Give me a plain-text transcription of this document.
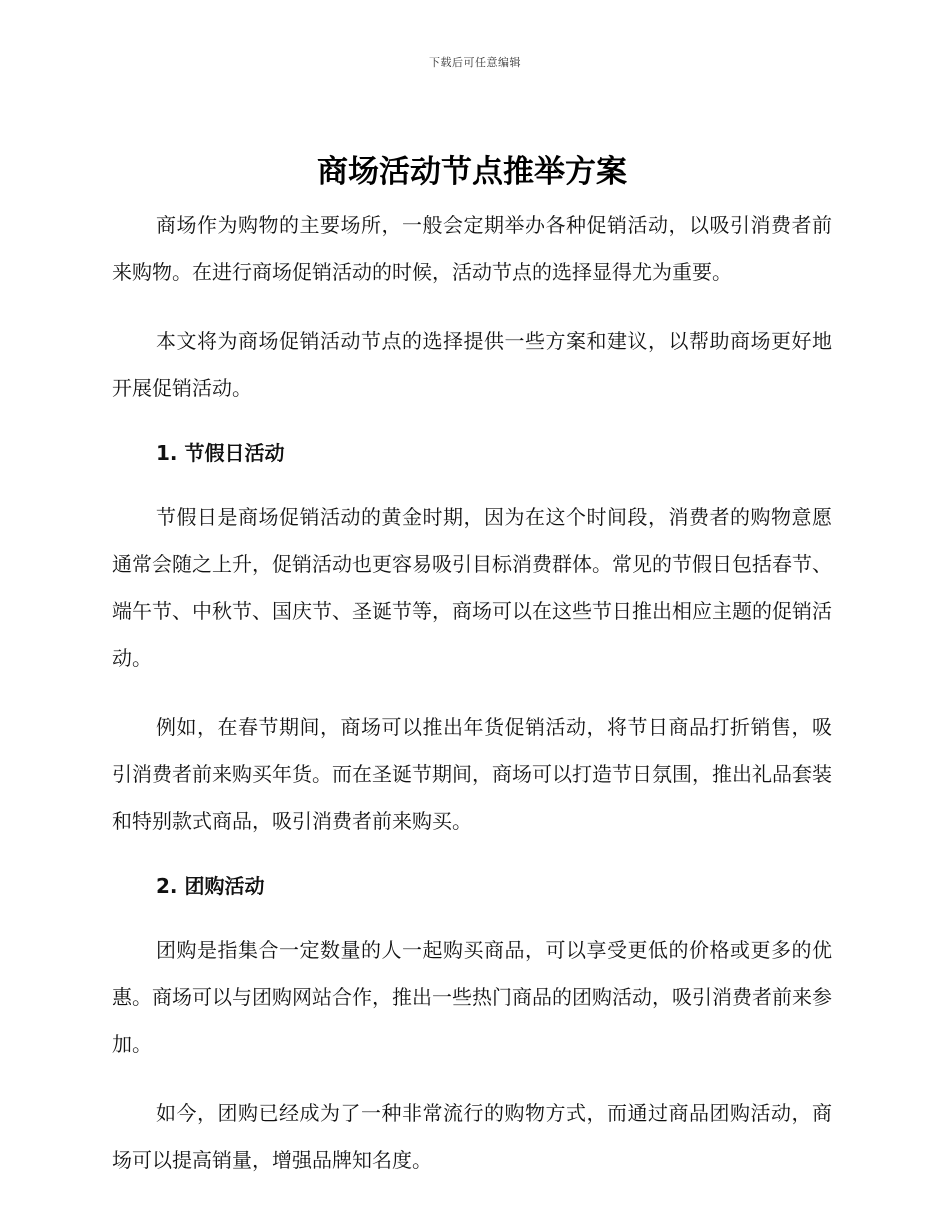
下载后可任意编辑
商场活动节点推举方案

商场作为购物的主要场所，一般会定期举办各种促销活动，以吸引消费者前来购物。在进行商场促销活动的时候，活动节点的选择显得尤为重要。

本文将为商场促销活动节点的选择提供一些方案和建议，以帮助商场更好地开展促销活动。

1. 节假日活动

节假日是商场促销活动的黄金时期，因为在这个时间段，消费者的购物意愿通常会随之上升，促销活动也更容易吸引目标消费群体。常见的节假日包括春节、端午节、中秋节、国庆节、圣诞节等，商场可以在这些节日推出相应主题的促销活动。

例如，在春节期间，商场可以推出年货促销活动，将节日商品打折销售，吸引消费者前来购买年货。而在圣诞节期间，商场可以打造节日氛围，推出礼品套装和特别款式商品，吸引消费者前来购买。

2. 团购活动

团购是指集合一定数量的人一起购买商品，可以享受更低的价格或更多的优惠。商场可以与团购网站合作，推出一些热门商品的团购活动，吸引消费者前来参加。

如今，团购已经成为了一种非常流行的购物方式，而通过商品团购活动，商场可以提高销量，增强品牌知名度。
